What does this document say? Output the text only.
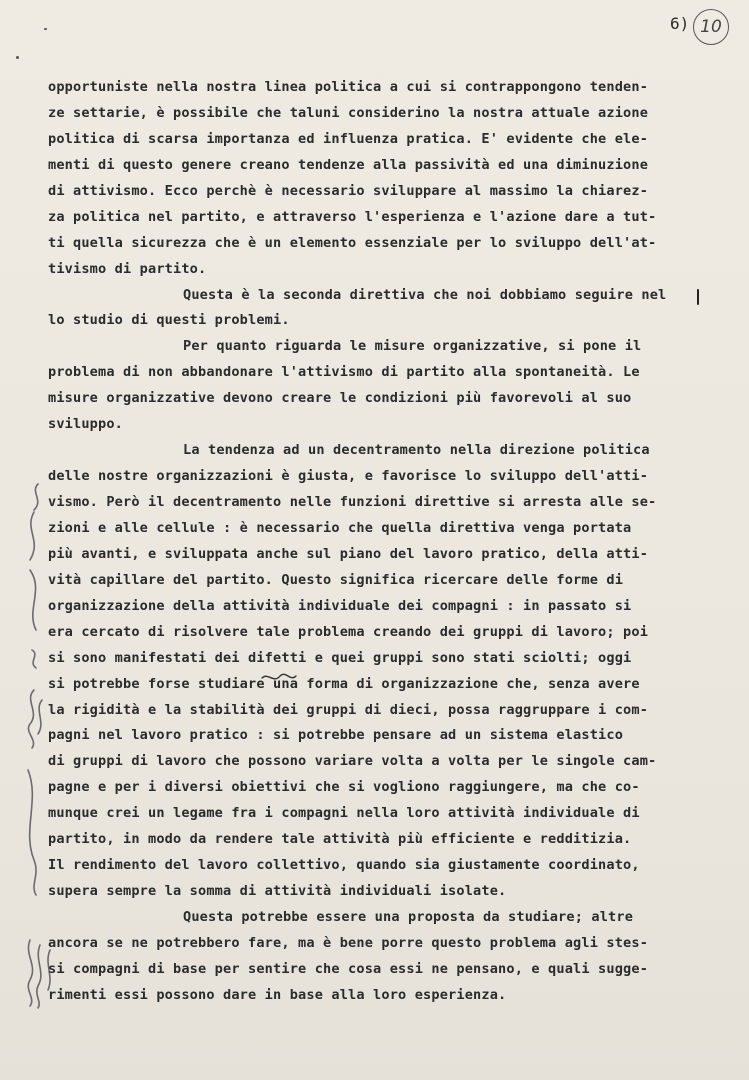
6) 10
opportuniste nella nostra linea politica a cui si contrappongono tenden-
ze settarie, è possibile che taluni considerino la nostra attuale azione
politica di scarsa importanza ed influenza pratica. E' evidente che ele-
menti di questo genere creano tendenze alla passività ed una diminuzione
di attivismo. Ecco perchè è necessario sviluppare al massimo la chiarez-
za politica nel partito, e attraverso l'esperienza e l'azione dare a tut-
ti quella sicurezza che è un elemento essenziale per lo sviluppo dell'at-
tivismo di partito.
Questa è la seconda direttiva che noi dobbiamo seguire nel
lo studio di questi problemi.
Per quanto riguarda le misure organizzative, si pone il
problema di non abbandonare l'attivismo di partito alla spontaneità. Le
misure organizzative devono creare le condizioni più favorevoli al suo
sviluppo.
La tendenza ad un decentramento nella direzione politica
delle nostre organizzazioni è giusta, e favorisce lo sviluppo dell'atti-
vismo. Però il decentramento nelle funzioni direttive si arresta alle se-
zioni e alle cellule : è necessario che quella direttiva venga portata
più avanti, e sviluppata anche sul piano del lavoro pratico, della atti-
vità capillare del partito. Questo significa ricercare delle forme di
organizzazione della attività individuale dei compagni : in passato si
era cercato di risolvere tale problema creando dei gruppi di lavoro; poi
si sono manifestati dei difetti e quei gruppi sono stati sciolti; oggi
si potrebbe forse studiare una forma di organizzazione che, senza avere
la rigidità e la stabilità dei gruppi di dieci, possa raggruppare i com-
pagni nel lavoro pratico : si potrebbe pensare ad un sistema elastico
di gruppi di lavoro che possono variare volta a volta per le singole cam-
pagne e per i diversi obiettivi che si vogliono raggiungere, ma che co-
munque crei un legame fra i compagni nella loro attività individuale di
partito, in modo da rendere tale attività più efficiente e redditizia.
Il rendimento del lavoro collettivo, quando sia giustamente coordinato,
supera sempre la somma di attività individuali isolate.
Questa potrebbe essere una proposta da studiare; altre
ancora se ne potrebbero fare, ma è bene porre questo problema agli stes-
si compagni di base per sentire che cosa essi ne pensano, e quali sugge-
rimenti essi possono dare in base alla loro esperienza.
